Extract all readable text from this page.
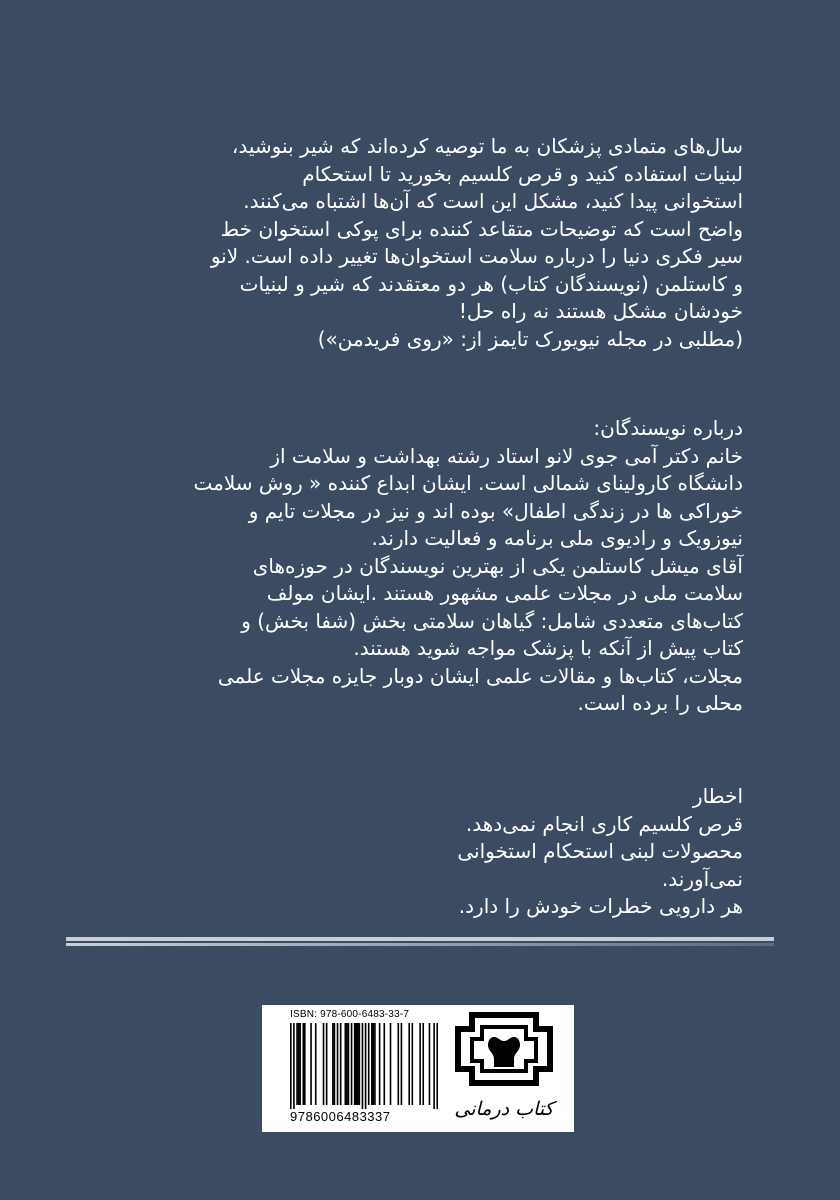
سال‌های متمادی پزشکان به ما توصیه کرده‌اند که شیر بنوشید،

لبنیات استفاده کنید و قرص کلسیم بخورید تا استحکام

استخوانی پیدا کنید، مشکل این است که آن‌ها اشتباه می‌کنند.

واضح است که توضیحات متقاعد کننده برای پوکی استخوان خط

سیر فکری دنیا را درباره سلامت استخوان‌ها تغییر داده است. لانو

و کاستلمن (نویسندگان کتاب) هر دو معتقدند که شیر و لبنیات

خودشان مشکل هستند نه راه حل!

(مطلبی در مجله نیویورک تایمز از: «روی فریدمن»)

درباره نویسندگان:

خانم دکتر آمی جوی لانو استاد رشته بهداشت و سلامت از

دانشگاه کارولینای شمالی است. ایشان ابداع کننده « روش سلامت

خوراکی ها در زندگی اطفال» بوده اند و نیز در مجلات تایم و

نیوزویک و رادیوی ملی برنامه و فعالیت دارند.

آقای میشل کاستلمن یکی از بهترین نویسندگان در حوزه‌های

سلامت ملی در مجلات علمی مشهور هستند .ایشان مولف

کتاب‌های متعددی شامل: گیاهان سلامتی بخش (شفا بخش) و

کتاب پیش از آنکه با پزشک مواجه شوید هستند.

مجلات، کتاب‌ها و مقالات علمی ایشان دوبار جایزه مجلات علمی

محلی را برده است.

اخطار

قرص کلسیم کاری انجام نمی‌دهد.

محصولات لبنی استحکام استخوانی نمی‌آورند.

هر دارویی خطرات خودش را دارد.

ISBN: 978-600-6483-33-7
9786006483337	کتاب درمانی
